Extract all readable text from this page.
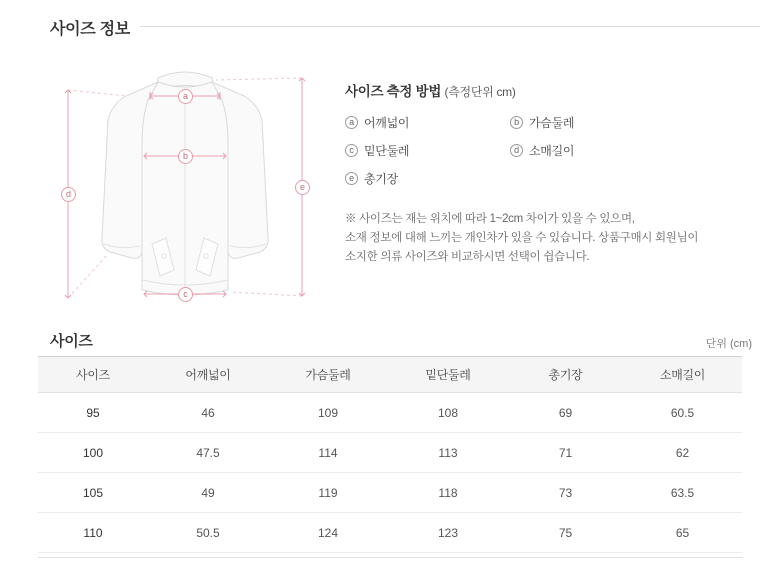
사이즈 정보
a
b
c
d
e
사이즈 측정 방법 (측정단위 cm)
a 어깨넓이	b 가슴둘레
c 밑단둘레	d 소매길이
e 총기장
※ 사이즈는 재는 위치에 따라 1~2cm 차이가 있을 수 있으며,
소재 정보에 대해 느끼는 개인차가 있을 수 있습니다. 상품구매시 회원님이
소지한 의류 사이즈와 비교하시면 선택이 쉽습니다.
사이즈	단위 (cm)
사이즈	어깨넓이	가슴둘레	밑단둘레	총기장	소매길이
95	46	109	108	69	60.5
100	47.5	114	113	71	62
105	49	119	118	73	63.5
110	50.5	124	123	75	65
